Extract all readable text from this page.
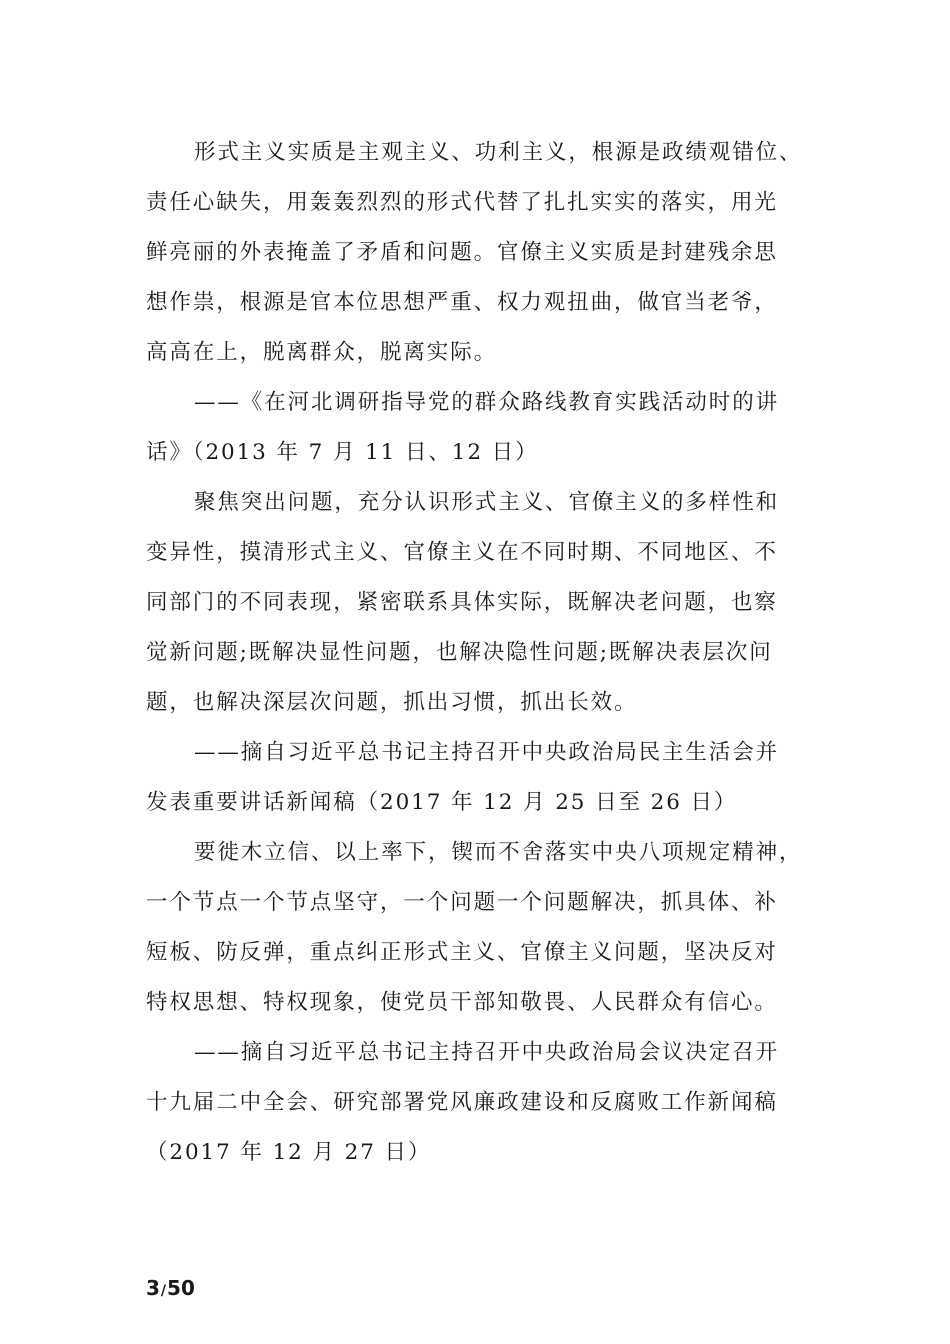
形式主义实质是主观主义、功利主义，根源是政绩观错位、
责任心缺失，用轰轰烈烈的形式代替了扎扎实实的落实，用光
鲜亮丽的外表掩盖了矛盾和问题。官僚主义实质是封建残余思
想作祟，根源是官本位思想严重、权力观扭曲，做官当老爷，
高高在上，脱离群众，脱离实际。
——《在河北调研指导党的群众路线教育实践活动时的讲
话》（2013 年 7 月 11 日、12 日）
聚焦突出问题，充分认识形式主义、官僚主义的多样性和
变异性，摸清形式主义、官僚主义在不同时期、不同地区、不
同部门的不同表现，紧密联系具体实际，既解决老问题，也察
觉新问题;既解决显性问题，也解决隐性问题;既解决表层次问
题，也解决深层次问题，抓出习惯，抓出长效。
——摘自习近平总书记主持召开中央政治局民主生活会并
发表重要讲话新闻稿（2017 年 12 月 25 日至 26 日）
要徙木立信、以上率下，锲而不舍落实中央八项规定精神，
一个节点一个节点坚守，一个问题一个问题解决，抓具体、补
短板、防反弹，重点纠正形式主义、官僚主义问题，坚决反对
特权思想、特权现象，使党员干部知敬畏、人民群众有信心。
——摘自习近平总书记主持召开中央政治局会议决定召开
十九届二中全会、研究部署党风廉政建设和反腐败工作新闻稿
（2017 年 12 月 27 日）
3/50
